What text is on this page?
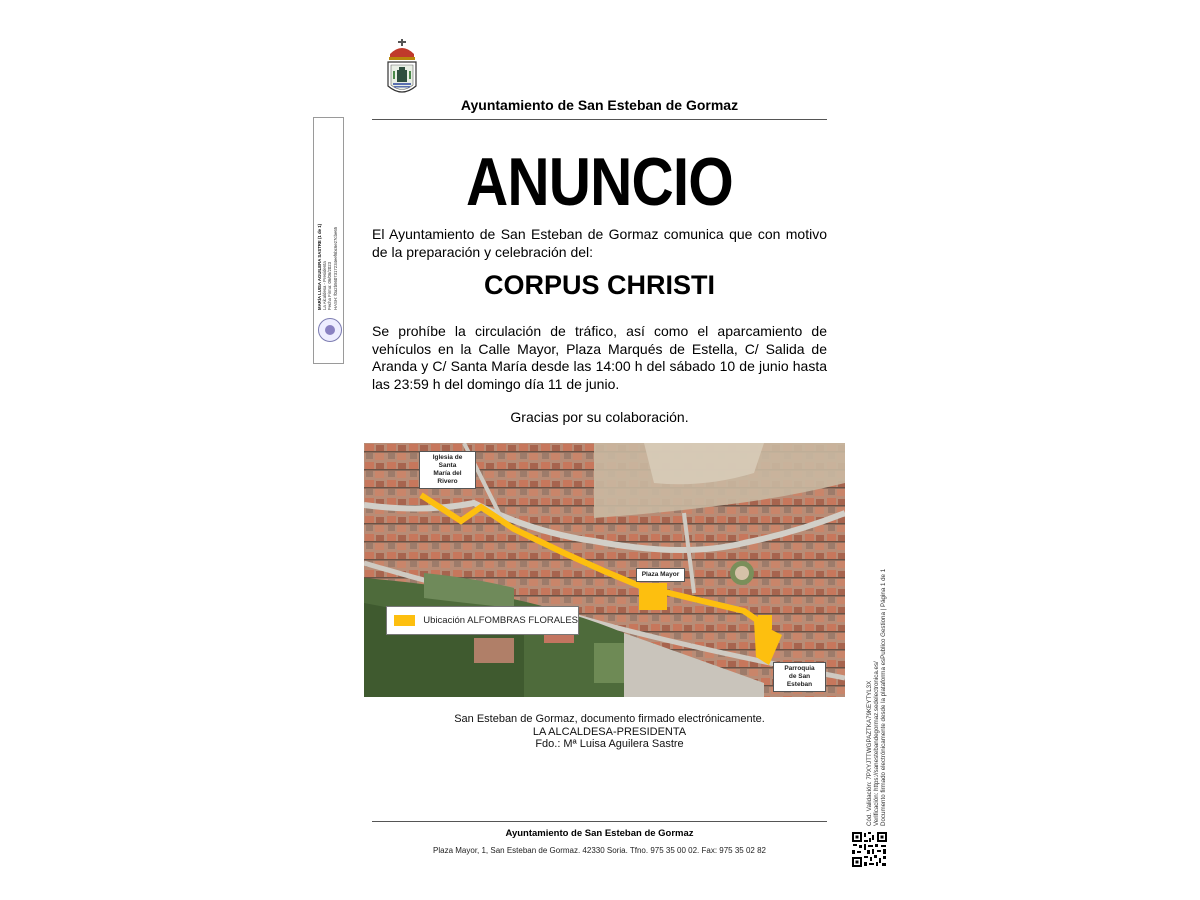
Ayuntamiento de San Esteban de Gormaz
MARÍA LUISA AGUILERA SASTRE (1 de 1) La Alcaldesa - Presidenta Fecha Firma: 06/06/2023 HASH: f0a2b5607317234eef6bc6e27cbe65
ANUNCIO
El Ayuntamiento de San Esteban de Gormaz comunica que con motivo de la preparación y celebración del:
CORPUS CHRISTI
Se prohíbe la circulación de tráfico, así como el aparcamiento de vehículos en la Calle Mayor, Plaza Marqués de Estella, C/ Salida de Aranda y C/ Santa María desde las 14:00 h del sábado 10 de junio hasta las 23:59 h del domingo día 11 de junio.
Gracias por su colaboración.
Iglesia de Santa
María del Rivero
Plaza Mayor
Parroquia
de San Esteban
Ubicación ALFOMBRAS FLORALES
San Esteban de Gormaz, documento firmado electrónicamente.
LA ALCALDESA-PRESIDENTA
Fdo.: Mª Luisa Aguilera Sastre
Ayuntamiento de San Esteban de Gormaz
Plaza Mayor, 1, San Esteban de Gormaz. 42330 Soria. Tfno. 975 35 00 02. Fax: 975 35 02 82
Cód. Validación: 7PXYJTTWGPAZTKA79KEYTYL3X Verificación: https://sanestebandegormaz.sedelectronica.es/ Documento firmado electrónicamente desde la plataforma esPublico Gestiona | Página 1 de 1
